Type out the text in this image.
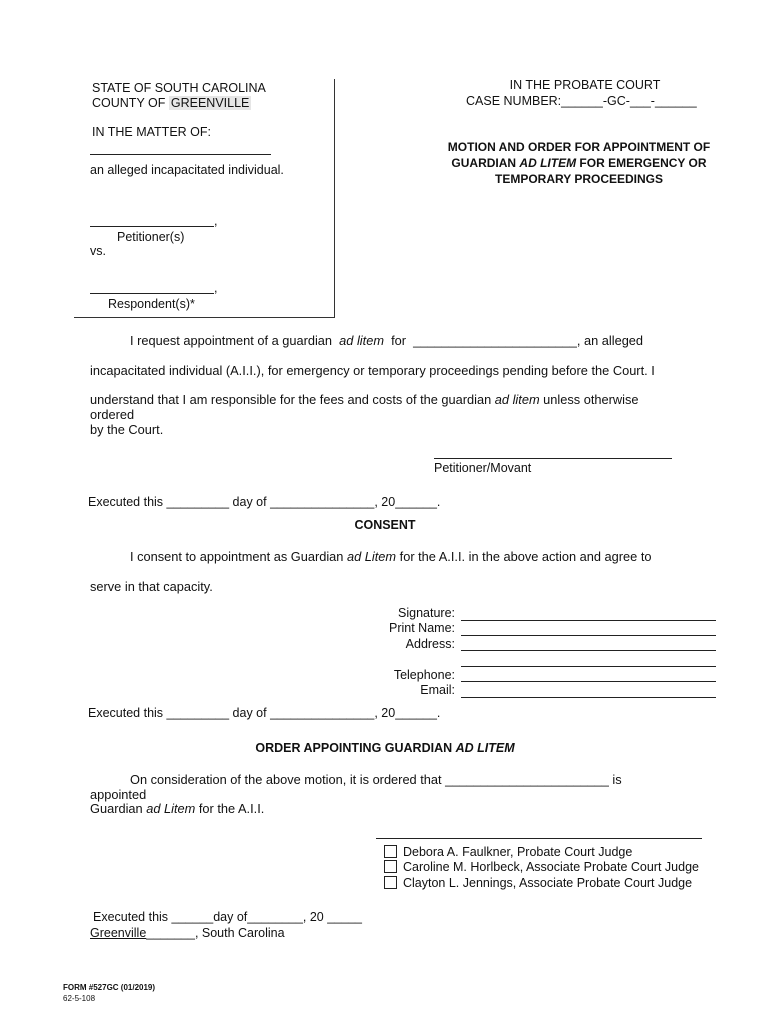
STATE OF SOUTH CAROLINA
COUNTY OF GREENVILLE
IN THE MATTER OF:
an alleged incapacitated individual.
,
Petitioner(s)
vs.
,
Respondent(s)*
IN THE PROBATE COURT
CASE NUMBER:______-GC-___-______
MOTION AND ORDER FOR APPOINTMENT OF
GUARDIAN AD LITEM FOR EMERGENCY OR
TEMPORARY PROCEEDINGS
I request appointment of a guardian ad litem for _______________________, an alleged
incapacitated individual (A.I.I.), for emergency or temporary proceedings pending before the Court. I
understand that I am responsible for the fees and costs of the guardian ad litem unless otherwise ordered
by the Court.
Petitioner/Movant
Executed this _________ day of _______________, 20______.
CONSENT
I consent to appointment as Guardian ad Litem for the A.I.I. in the above action and agree to
serve in that capacity.
Signature:
Print Name:
Address:
Telephone:
Email:
Executed this _________ day of _______________, 20______.
ORDER APPOINTING GUARDIAN AD LITEM
On consideration of the above motion, it is ordered that _______________________ is appointed
Guardian ad Litem for the A.I.I.
Debora A. Faulkner, Probate Court Judge
Caroline M. Horlbeck, Associate Probate Court Judge
Clayton L. Jennings, Associate Probate Court Judge
Executed this ______day of________, 20 _____
Greenville_______, South Carolina
FORM #527GC (01/2019)
62-5-108
